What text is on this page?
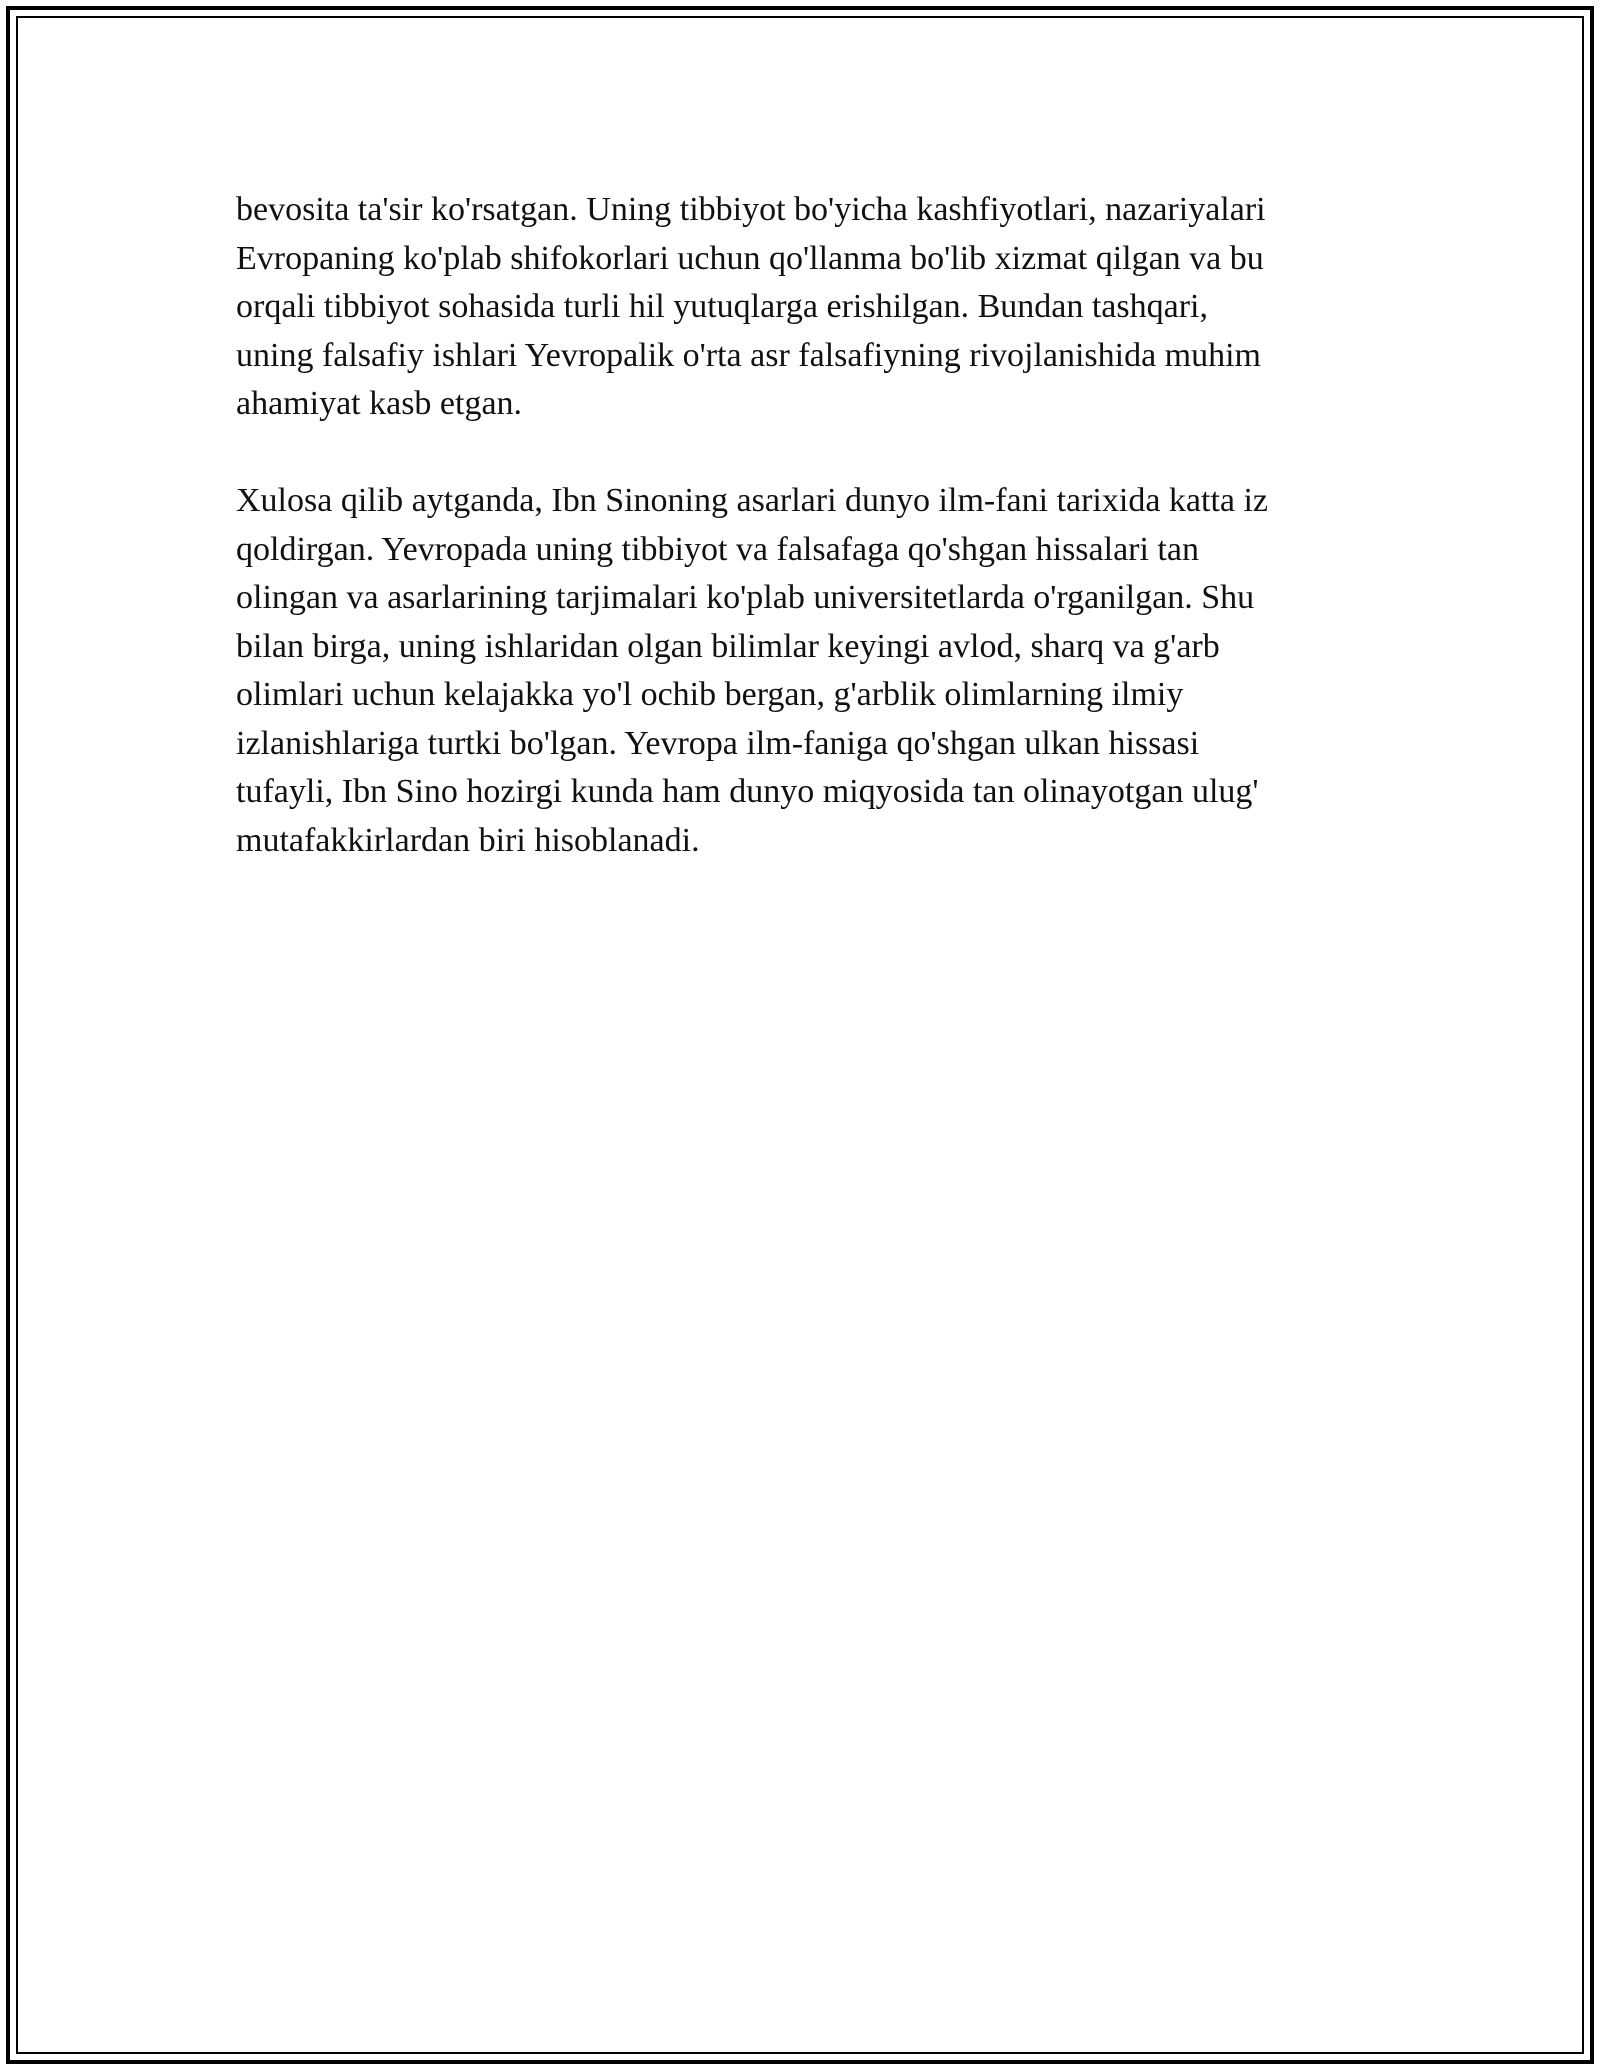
bevosita ta'sir ko'rsatgan. Uning tibbiyot bo'yicha kashfiyotlari, nazariyalari
Evropaning ko'plab shifokorlari uchun qo'llanma bo'lib xizmat qilgan va bu
orqali tibbiyot sohasida turli hil yutuqlarga erishilgan. Bundan tashqari,
uning falsafiy ishlari Yevropalik o'rta asr falsafiyning rivojlanishida muhim
ahamiyat kasb etgan.

Xulosa qilib aytganda, Ibn Sinoning asarlari dunyo ilm-fani tarixida katta iz
qoldirgan. Yevropada uning tibbiyot va falsafaga qo'shgan hissalari tan
olingan va asarlarining tarjimalari ko'plab universitetlarda o'rganilgan. Shu
bilan birga, uning ishlaridan olgan bilimlar keyingi avlod, sharq va g'arb
olimlari uchun kelajakka yo'l ochib bergan, g'arblik olimlarning ilmiy
izlanishlariga turtki bo'lgan. Yevropa ilm-faniga qo'shgan ulkan hissasi
tufayli, Ibn Sino hozirgi kunda ham dunyo miqyosida tan olinayotgan ulug'
mutafakkirlardan biri hisoblanadi.
